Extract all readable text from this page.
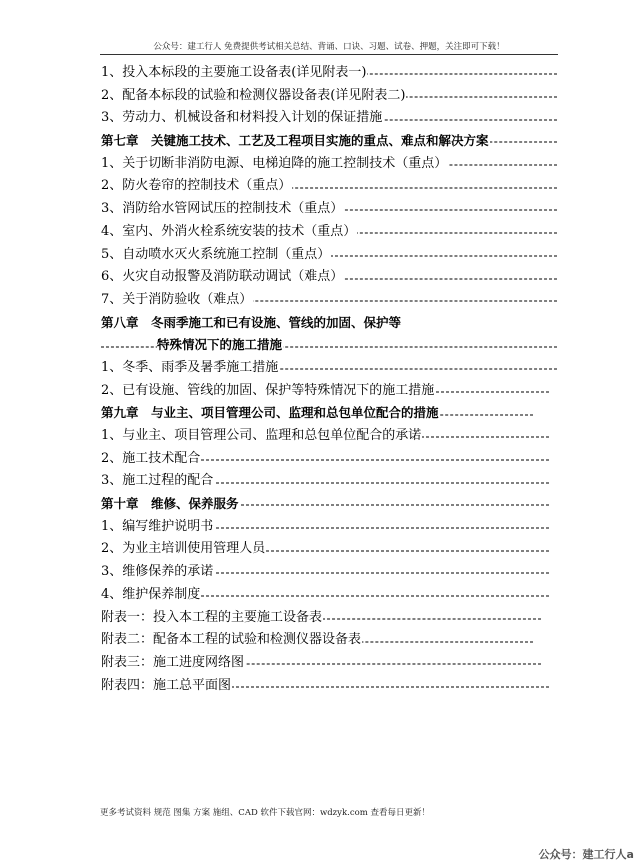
公众号：建工行人 免费提供考试相关总结、背诵、口诀、习题、试卷、押题，关注即可下载！
1、投入本标段的主要施工设备表(详见附表一)
2、配备本标段的试验和检测仪器设备表(详见附表二)
3、劳动力、机械设备和材料投入计划的保证措施
第七章　关键施工技术、工艺及工程项目实施的重点、难点和解决方案
1、关于切断非消防电源、电梯迫降的施工控制技术（重点）
2、防火卷帘的控制技术（重点）
3、消防给水管网试压的控制技术（重点）
4、室内、外消火栓系统安装的技术（重点）
5、自动喷水灭火系统施工控制（重点）
6、火灾自动报警及消防联动调试（难点）
7、关于消防验收（难点）
第八章　冬雨季施工和已有设施、管线的加固、保护等
特殊情况下的施工措施
1、冬季、雨季及暑季施工措施
2、已有设施、管线的加固、保护等特殊情况下的施工措施
第九章　与业主、项目管理公司、监理和总包单位配合的措施
1、与业主、项目管理公司、监理和总包单位配合的承诺
2、施工技术配合
3、施工过程的配合
第十章　维修、保养服务
1、编写维护说明书
2、为业主培训使用管理人员
3、维修保养的承诺
4、维护保养制度
附表一：投入本工程的主要施工设备表
附表二：配备本工程的试验和检测仪器设备表
附表三：施工进度网络图
附表四：施工总平面图
更多考试资料 规范 图集 方案 施组、CAD 软件下载官网：wdzyk.com 查看每日更新！
公众号：建工行人a
